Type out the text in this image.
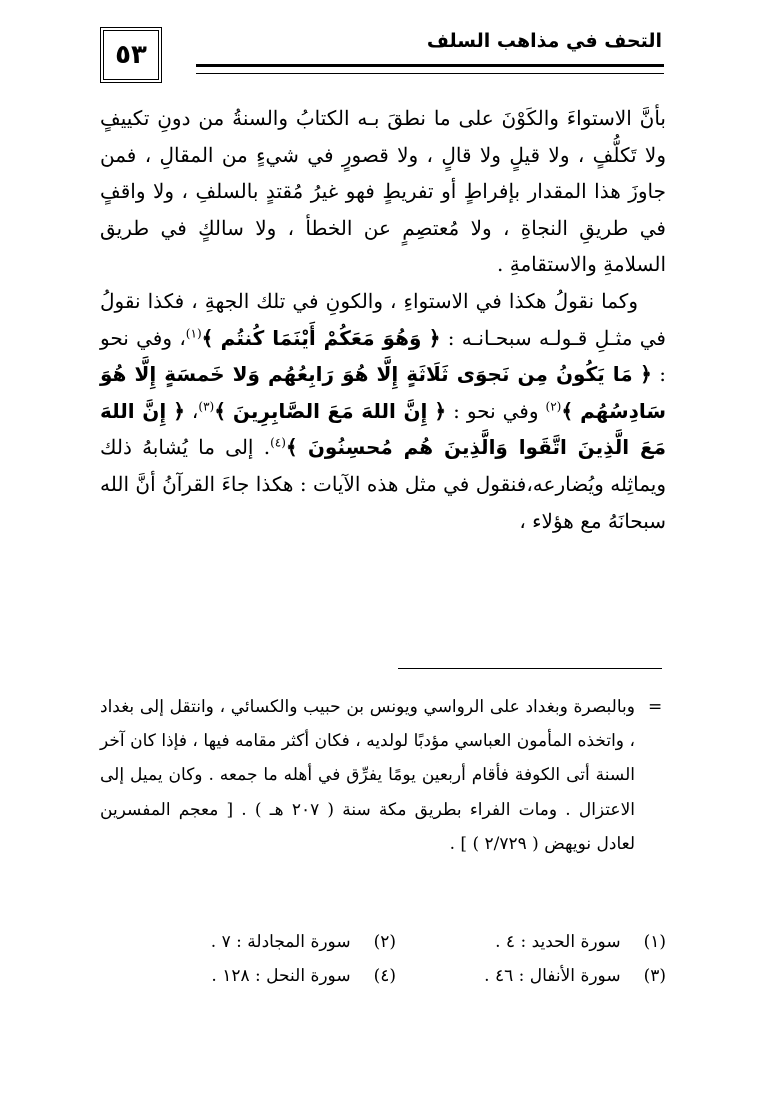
٥٣	التحف في مذاهب السلف

بأنَّ الاستواءَ والكَوْنَ على ما نطقَ بـه الكتابُ والسنةُ من دونِ تكييفٍ ولا تَكلُّفٍ ، ولا قيلٍ ولا قالٍ ، ولا قصورٍ في شيءٍ من المقالِ ، فمن جاوزَ هذا المقدار بإفراطٍ أو تفريطٍ فهو غيرُ مُقتدٍ بالسلفِ ، ولا واقفٍ في طريقِ النجاةِ ، ولا مُعتصِمٍ عن الخطأ ، ولا سالكٍ في طريق السلامةِ والاستقامةِ .

وكما نقولُ هكذا في الاستواءِ ، والكونِ في تلك الجهةِ ، فكذا نقولُ في مثـلِ قـولـه سبحـانـه : ﴿ وَهُوَ مَعَكُمْ أَيْنَمَا كُنتُم ﴾$^{(١)}$، وفي نحو : ﴿ مَا يَكُونُ مِن نَجوَى ثَلَاثَةٍ إِلَّا هُوَ رَابِعُهُم وَلا خَمسَةٍ إِلَّا هُوَ سَادِسُهُم ﴾$^{(٢)}$ وفي نحو : ﴿ إِنَّ اللهَ مَعَ الصَّابِرِينَ ﴾$^{(٣)}$، ﴿ إِنَّ اللهَ مَعَ الَّذِينَ اتَّقَوا وَالَّذِينَ هُم مُحسِنُونَ ﴾$^{(٤)}$. إلى ما يُشابهُ ذلك ويماثِله ويُضارعه،فنقول في مثل هذه الآيات : هكذا جاءَ القرآنُ أنَّ الله سبحانَهُ مع هؤلاء ،

=
وبالبصرة وبغداد على الرواسي ويونس بن حبيب والكسائي ، وانتقل إلى بغداد ، واتخذه المأمون العباسي مؤدبًا لولديه ، فكان أكثر مقامه فيها ، فإذا كان آخر السنة أتى الكوفة فأقام أربعين يومًا يفرِّق في أهله ما جمعه . وكان يميل إلى الاعتزال . ومات الفراء بطريق مكة سنة ( ٢٠٧ هـ ) . [ معجم المفسرين لعادل نويهض ( ٢/٧٢٩ ) ] .
(١) سورة الحديد : ٤ .
(٢) سورة المجادلة : ٧ .
(٣) سورة الأنفال : ٤٦ .
(٤) سورة النحل : ١٢٨ .
